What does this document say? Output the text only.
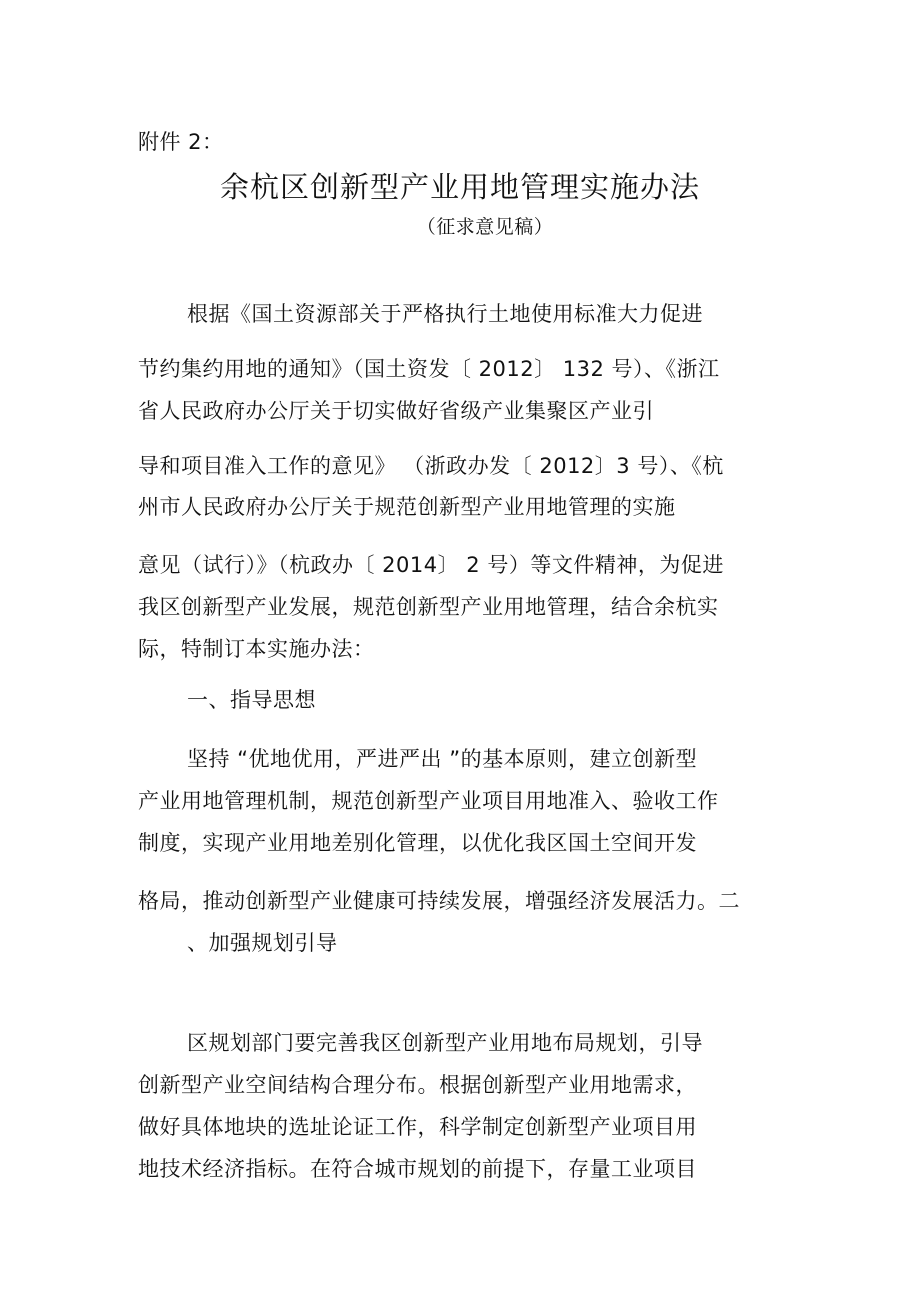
附件 2：
余杭区创新型产业用地管理实施办法
（征求意见稿）
根据《国土资源部关于严格执行土地使用标准大力促进
节约集约用地的通知》（国土资发〔 2012〕 132 号）、《浙江
省人民政府办公厅关于切实做好省级产业集聚区产业引
导和项目准入工作的意见》 （浙政办发〔 2012〕3 号）、《杭
州市人民政府办公厅关于规范创新型产业用地管理的实施
意见（试行）》（杭政办〔 2014〕 2 号）等文件精神，为促进
我区创新型产业发展，规范创新型产业用地管理，结合余杭实
际，特制订本实施办法：
一、指导思想
坚持 “优地优用，严进严出 ”的基本原则，建立创新型
产业用地管理机制，规范创新型产业项目用地准入、验收工作
制度，实现产业用地差别化管理，以优化我区国土空间开发
格局，推动创新型产业健康可持续发展，增强经济发展活力。二
、加强规划引导
区规划部门要完善我区创新型产业用地布局规划，引导
创新型产业空间结构合理分布。根据创新型产业用地需求，
做好具体地块的选址论证工作，科学制定创新型产业项目用
地技术经济指标。在符合城市规划的前提下，存量工业项目
